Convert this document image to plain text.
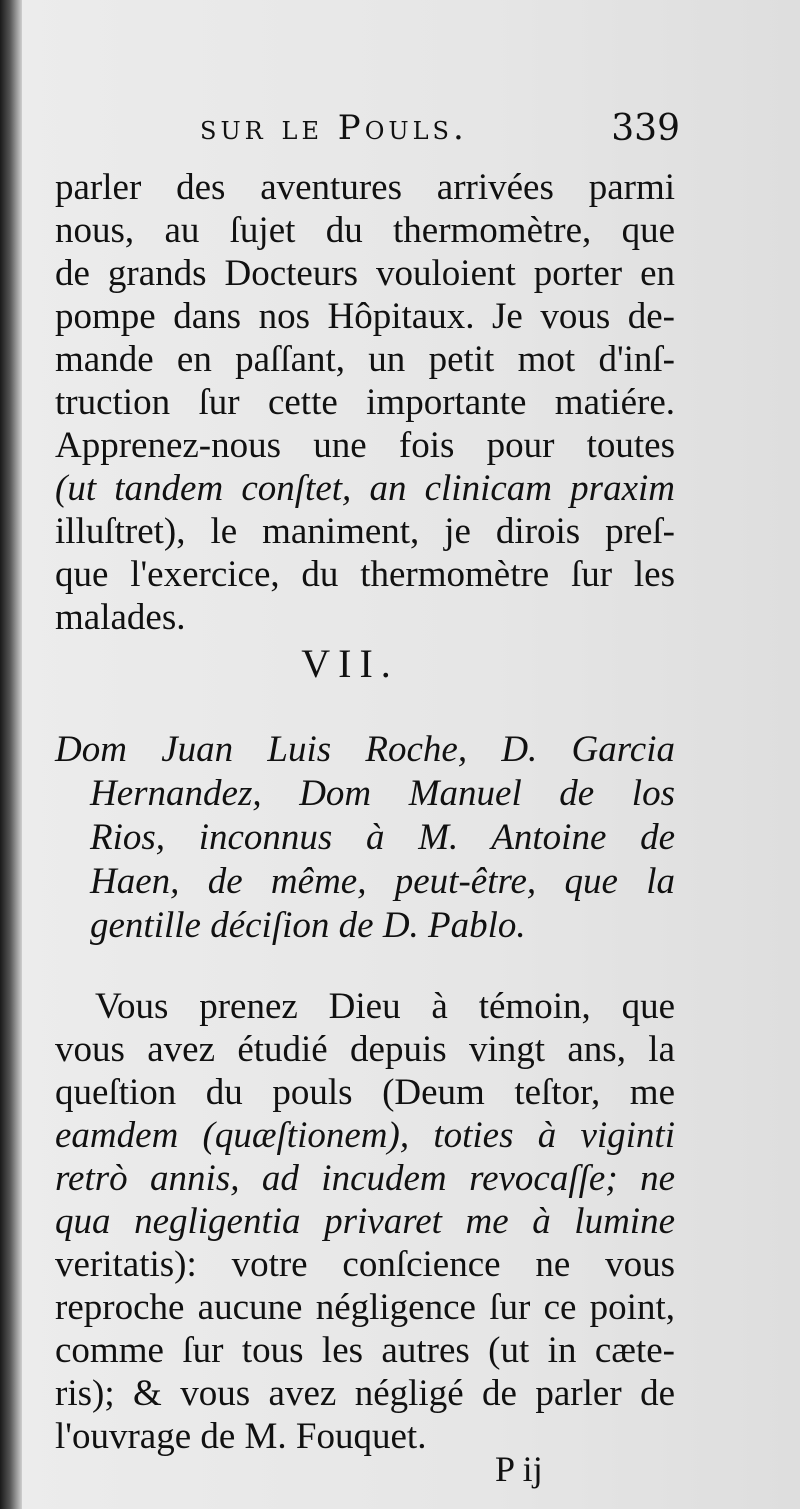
sur le Pouls.	339
parler des aventures arrivées parmi
nous, au ſujet du thermomètre, que
de grands Docteurs vouloient porter en
pompe dans nos Hôpitaux. Je vous de-
mande en paſſant, un petit mot d'inſ-
truction ſur cette importante matiére.
Apprenez-nous une fois pour toutes
(ut tandem conſtet, an clinicam praxim
illuſtret), le maniment, je dirois preſ-
que l'exercice, du thermomètre ſur les
malades.
VII.
Dom Juan Luis Roche, D. Garcia
Hernandez, Dom Manuel de los
Rios, inconnus à M. Antoine de
Haen, de même, peut-être, que la
gentille déciſion de D. Pablo.
Vous prenez Dieu à témoin, que
vous avez étudié depuis vingt ans, la
queſtion du pouls (Deum teſtor, me
eamdem (quæſtionem), toties à viginti
retrò annis, ad incudem revocaſſe; ne
qua negligentia privaret me à lumine
veritatis): votre conſcience ne vous
reproche aucune négligence ſur ce point,
comme ſur tous les autres (ut in cæte-
ris); & vous avez négligé de parler de
l'ouvrage de M. Fouquet.
P ij
